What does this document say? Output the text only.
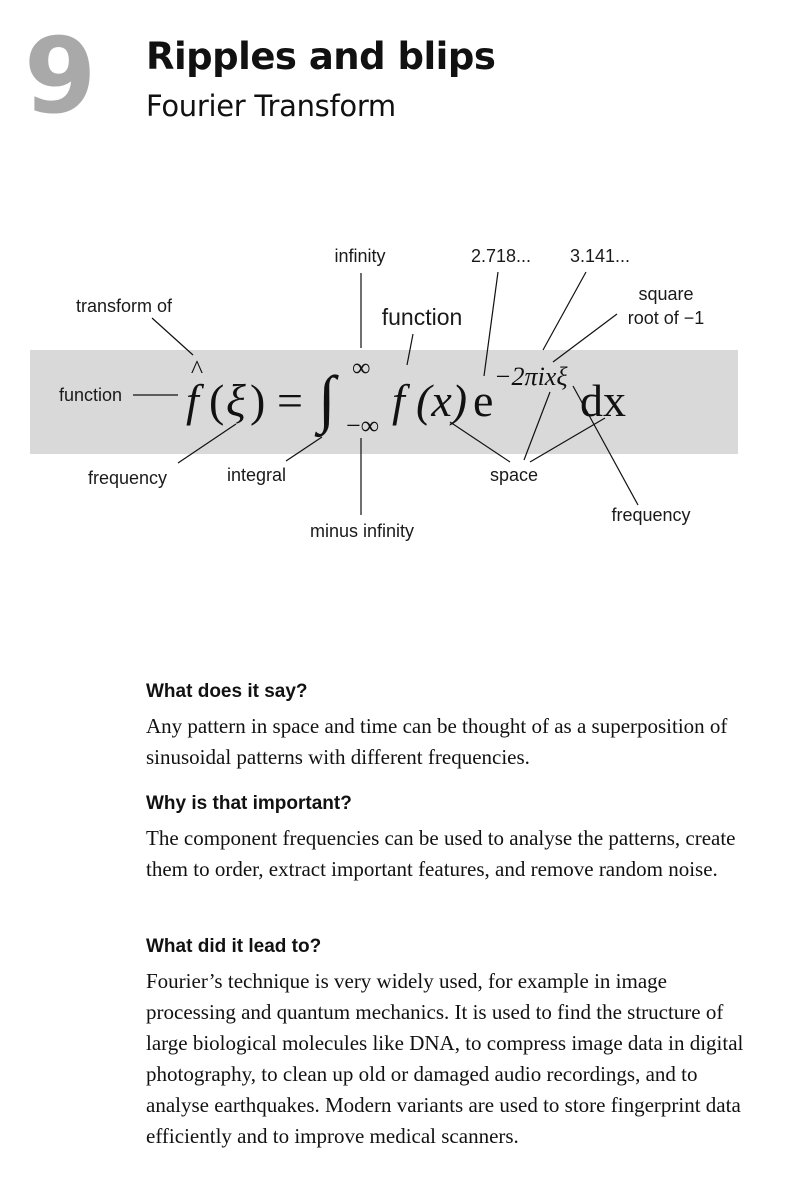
9 Ripples and blips
Fourier Transform
^
f ( ξ ) = ∫ ∞
−∞ f (x) e −2πixξ dx
transform of
function
frequency	integral
infinity
minus infinity
function
2.718... 3.141...
square
root of −1
space
frequency
What does it say?

Any pattern in space and time can be thought of as a superposition of sinusoidal patterns with different frequencies.

Why is that important?

The component frequencies can be used to analyse the patterns, create them to order, extract important features, and remove random noise.

What did it lead to?

Fourier’s technique is very widely used, for example in image processing and quantum mechanics. It is used to find the structure of large biological molecules like DNA, to compress image data in digital photography, to clean up old or damaged audio recordings, and to analyse earthquakes. Modern variants are used to store fingerprint data efficiently and to improve medical scanners.
